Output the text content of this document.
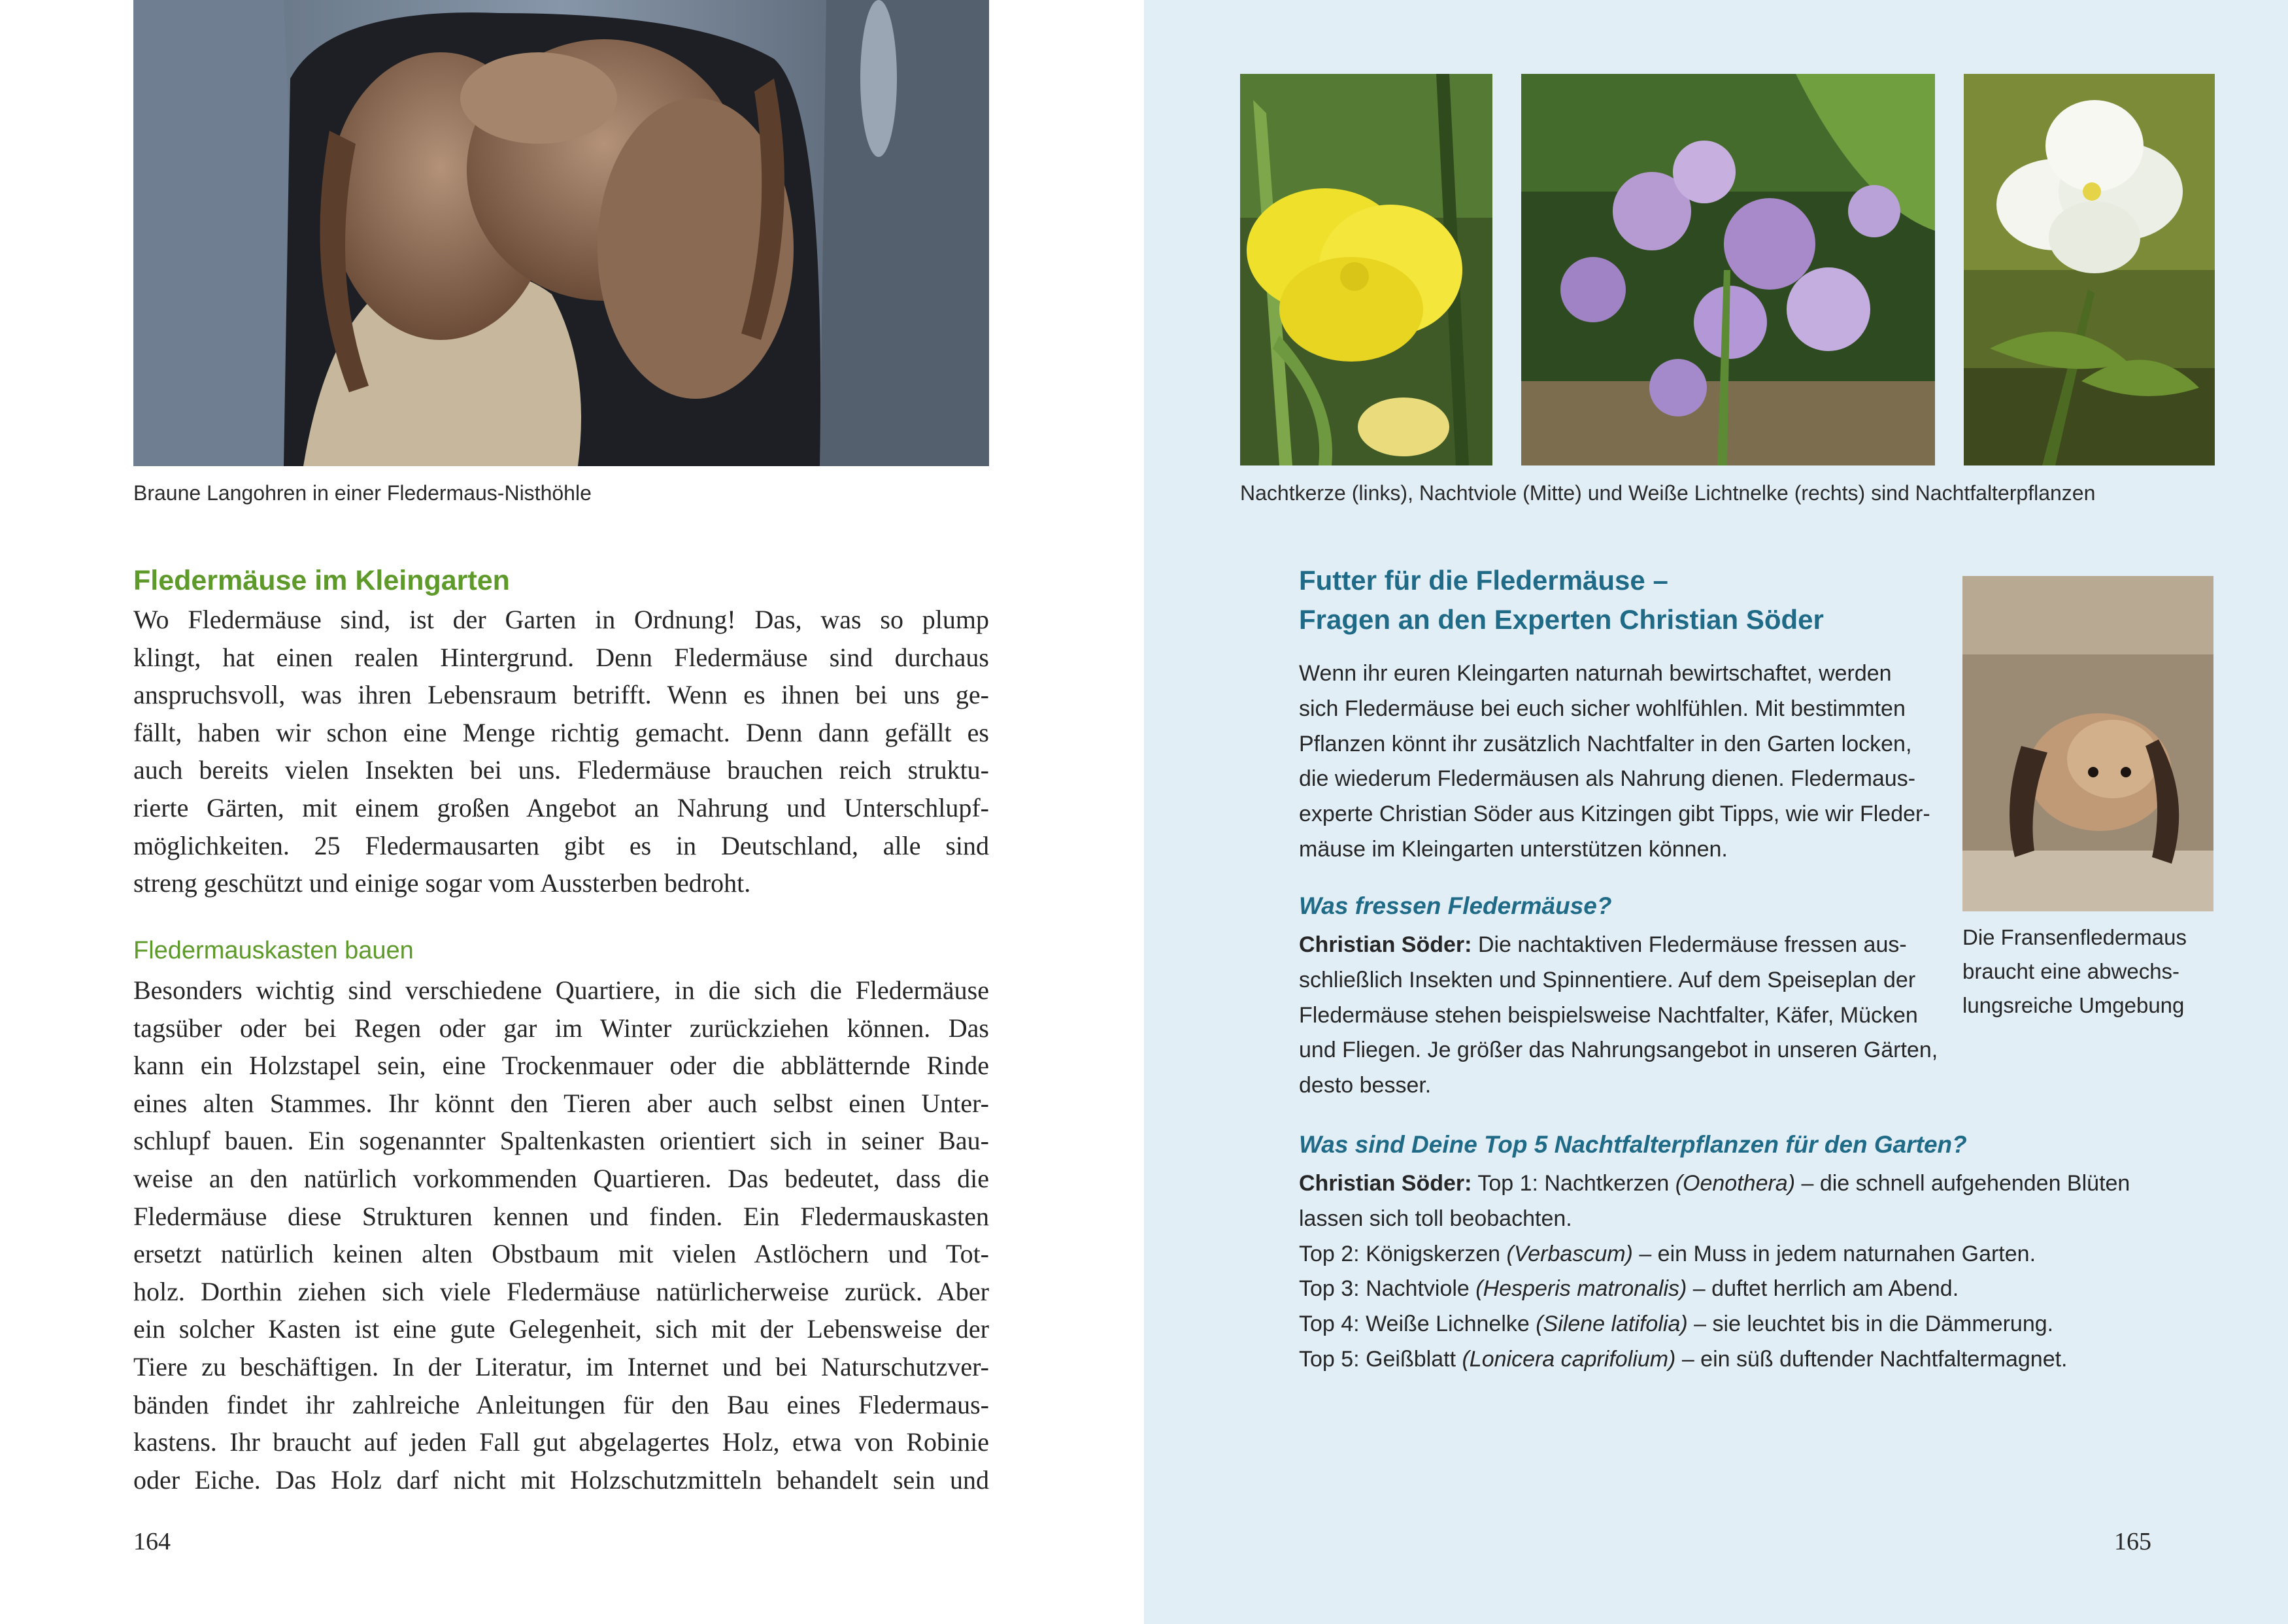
Braune Langohren in einer Fledermaus-Nisthöhle
Fledermäuse im Kleingarten
Wo Fledermäuse sind, ist der Garten in Ordnung! Das, was so plump
klingt, hat einen realen Hintergrund. Denn Fledermäuse sind durchaus
anspruchsvoll, was ihren Lebensraum betrifft. Wenn es ihnen bei uns ge-
fällt, haben wir schon eine Menge richtig gemacht. Denn dann gefällt es
auch bereits vielen Insekten bei uns. Fledermäuse brauchen reich struktu-
rierte Gärten, mit einem großen Angebot an Nahrung und Unterschlupf-
möglichkeiten. 25 Fledermausarten gibt es in Deutschland, alle sind
streng geschützt und einige sogar vom Aussterben bedroht.
Fledermauskasten bauen
Besonders wichtig sind verschiedene Quartiere, in die sich die Fledermäuse
tagsüber oder bei Regen oder gar im Winter zurückziehen können. Das
kann ein Holzstapel sein, eine Trockenmauer oder die abblätternde Rinde
eines alten Stammes. Ihr könnt den Tieren aber auch selbst einen Unter-
schlupf bauen. Ein sogenannter Spaltenkasten orientiert sich in seiner Bau-
weise an den natürlich vorkommenden Quartieren. Das bedeutet, dass die
Fledermäuse diese Strukturen kennen und finden. Ein Fledermauskasten
ersetzt natürlich keinen alten Obstbaum mit vielen Astlöchern und Tot-
holz. Dorthin ziehen sich viele Fledermäuse natürlicherweise zurück. Aber
ein solcher Kasten ist eine gute Gelegenheit, sich mit der Lebensweise der
Tiere zu beschäftigen. In der Literatur, im Internet und bei Naturschutzver-
bänden findet ihr zahlreiche Anleitungen für den Bau eines Fledermaus-
kastens. Ihr braucht auf jeden Fall gut abgelagertes Holz, etwa von Robinie
oder Eiche. Das Holz darf nicht mit Holzschutzmitteln behandelt sein und
164
Nachtkerze (links), Nachtviole (Mitte) und Weiße Lichtnelke (rechts) sind Nachtfalterpflanzen
Futter für die Fledermäuse –
Fragen an den Experten Christian Söder
Wenn ihr euren Kleingarten naturnah bewirtschaftet, werden
sich Fledermäuse bei euch sicher wohlfühlen. Mit bestimmten
Pflanzen könnt ihr zusätzlich Nachtfalter in den Garten locken,
die wiederum Fledermäusen als Nahrung dienen. Fledermaus-
experte Christian Söder aus Kitzingen gibt Tipps, wie wir Fleder-
mäuse im Kleingarten unterstützen können.
Die Fransenfledermaus
braucht eine abwechs-
lungsreiche Umgebung
Was fressen Fledermäuse?
Christian Söder: Die nachtaktiven Fledermäuse fressen aus-
schließlich Insekten und Spinnentiere. Auf dem Speiseplan der
Fledermäuse stehen beispielsweise Nachtfalter, Käfer, Mücken
und Fliegen. Je größer das Nahrungsangebot in unseren Gärten,
desto besser.
Was sind Deine Top 5 Nachtfalterpflanzen für den Garten?
Christian Söder: Top 1: Nachtkerzen (Oenothera) – die schnell aufgehenden Blüten
lassen sich toll beobachten.
Top 2: Königskerzen (Verbascum) – ein Muss in jedem naturnahen Garten.
Top 3: Nachtviole (Hesperis matronalis) – duftet herrlich am Abend.
Top 4: Weiße Lichnelke (Silene latifolia) – sie leuchtet bis in die Dämmerung.
Top 5: Geißblatt (Lonicera caprifolium) – ein süß duftender Nachtfaltermagnet.
165
